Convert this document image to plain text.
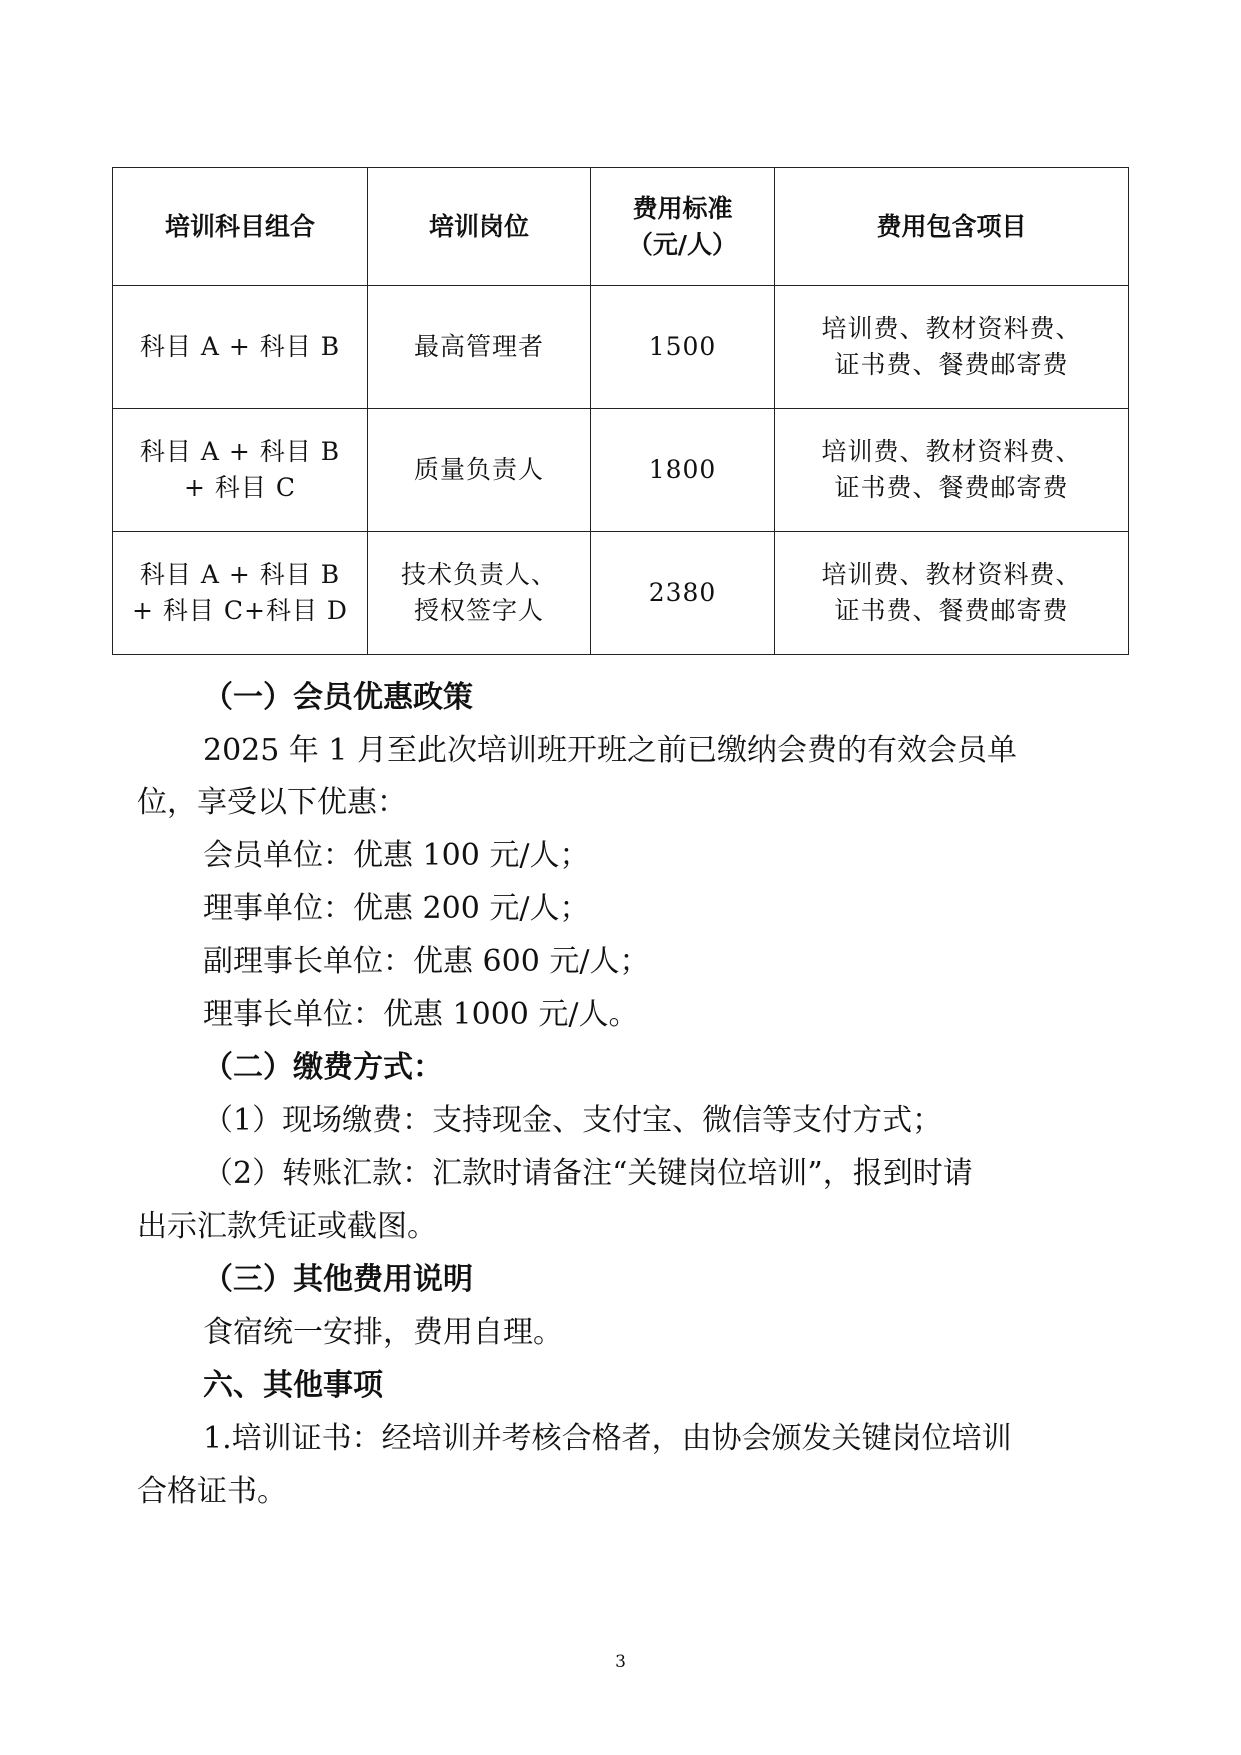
培训科目组合	培训岗位	费用标准
（元/人）	费用包含项目
科目 A + 科目 B	最高管理者	1500	培训费、教材资料费、
证书费、餐费邮寄费
科目 A + 科目 B
+ 科目 C	质量负责人	1800	培训费、教材资料费、
证书费、餐费邮寄费
科目 A + 科目 B
+ 科目 C+科目 D	技术负责人、
授权签字人	2380	培训费、教材资料费、
证书费、餐费邮寄费
（一）会员优惠政策
2025 年 1 月至此次培训班开班之前已缴纳会费的有效会员单
位，享受以下优惠：
会员单位：优惠 100 元/人；
理事单位：优惠 200 元/人；
副理事长单位：优惠 600 元/人；
理事长单位：优惠 1000 元/人。
（二）缴费方式：
（1）现场缴费：支持现金、支付宝、微信等支付方式；
（2）转账汇款：汇款时请备注“关键岗位培训”，报到时请
出示汇款凭证或截图。
（三）其他费用说明
食宿统一安排，费用自理。
六、其他事项
1.培训证书：经培训并考核合格者，由协会颁发关键岗位培训
合格证书。
3
